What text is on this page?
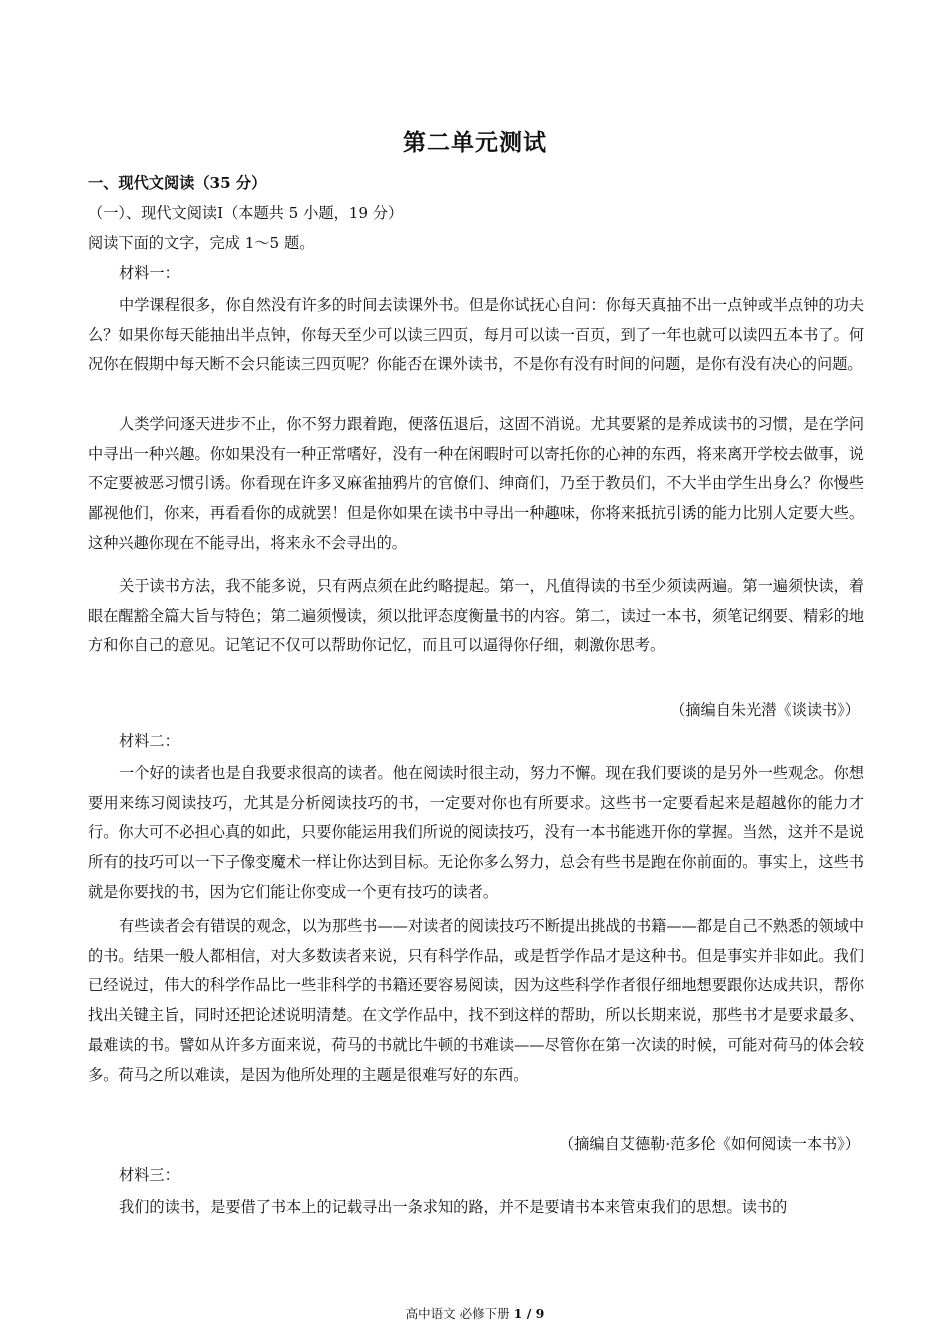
第二单元测试
一、现代文阅读（35 分）
（一）、现代文阅读Ⅰ（本题共 5 小题，19 分）
阅读下面的文字，完成 1～5 题。
材料一：
中学课程很多，你自然没有许多的时间去读课外书。但是你试抚心自问：你每天真抽不出一点钟或半点钟的功夫么？如果你每天能抽出半点钟，你每天至少可以读三四页，每月可以读一百页，到了一年也就可以读四五本书了。何况你在假期中每天断不会只能读三四页呢？你能否在课外读书，不是你有没有时间的问题，是你有没有决心的问题。
人类学问逐天进步不止，你不努力跟着跑，便落伍退后，这固不消说。尤其要紧的是养成读书的习惯，是在学问中寻出一种兴趣。你如果没有一种正常嗜好，没有一种在闲暇时可以寄托你的心神的东西，将来离开学校去做事，说不定要被恶习惯引诱。你看现在许多叉麻雀抽鸦片的官僚们、绅商们，乃至于教员们，不大半由学生出身么？你慢些鄙视他们，你来，再看看你的成就罢！但是你如果在读书中寻出一种趣味，你将来抵抗引诱的能力比别人定要大些。这种兴趣你现在不能寻出，将来永不会寻出的。
关于读书方法，我不能多说，只有两点须在此约略提起。第一，凡值得读的书至少须读两遍。第一遍须快读，着眼在醒豁全篇大旨与特色；第二遍须慢读，须以批评态度衡量书的内容。第二，读过一本书，须笔记纲要、精彩的地方和你自己的意见。记笔记不仅可以帮助你记忆，而且可以逼得你仔细，刺激你思考。
（摘编自朱光潜《谈读书》）
材料二：
一个好的读者也是自我要求很高的读者。他在阅读时很主动，努力不懈。现在我们要谈的是另外一些观念。你想要用来练习阅读技巧，尤其是分析阅读技巧的书，一定要对你也有所要求。这些书一定要看起来是超越你的能力才行。你大可不必担心真的如此，只要你能运用我们所说的阅读技巧，没有一本书能逃开你的掌握。当然，这并不是说所有的技巧可以一下子像变魔术一样让你达到目标。无论你多么努力，总会有些书是跑在你前面的。事实上，这些书就是你要找的书，因为它们能让你变成一个更有技巧的读者。
有些读者会有错误的观念，以为那些书——对读者的阅读技巧不断提出挑战的书籍——都是自己不熟悉的领域中的书。结果一般人都相信，对大多数读者来说，只有科学作品，或是哲学作品才是这种书。但是事实并非如此。我们已经说过，伟大的科学作品比一些非科学的书籍还要容易阅读，因为这些科学作者很仔细地想要跟你达成共识，帮你找出关键主旨，同时还把论述说明清楚。在文学作品中，找不到这样的帮助，所以长期来说，那些书才是要求最多、最难读的书。譬如从许多方面来说，荷马的书就比牛顿的书难读——尽管你在第一次读的时候，可能对荷马的体会较多。荷马之所以难读，是因为他所处理的主题是很难写好的东西。
（摘编自艾德勒·范多伦《如何阅读一本书》）
材料三：
我们的读书，是要借了书本上的记载寻出一条求知的路，并不是要请书本来管束我们的思想。读书的
高中语文 必修下册 1 / 9
